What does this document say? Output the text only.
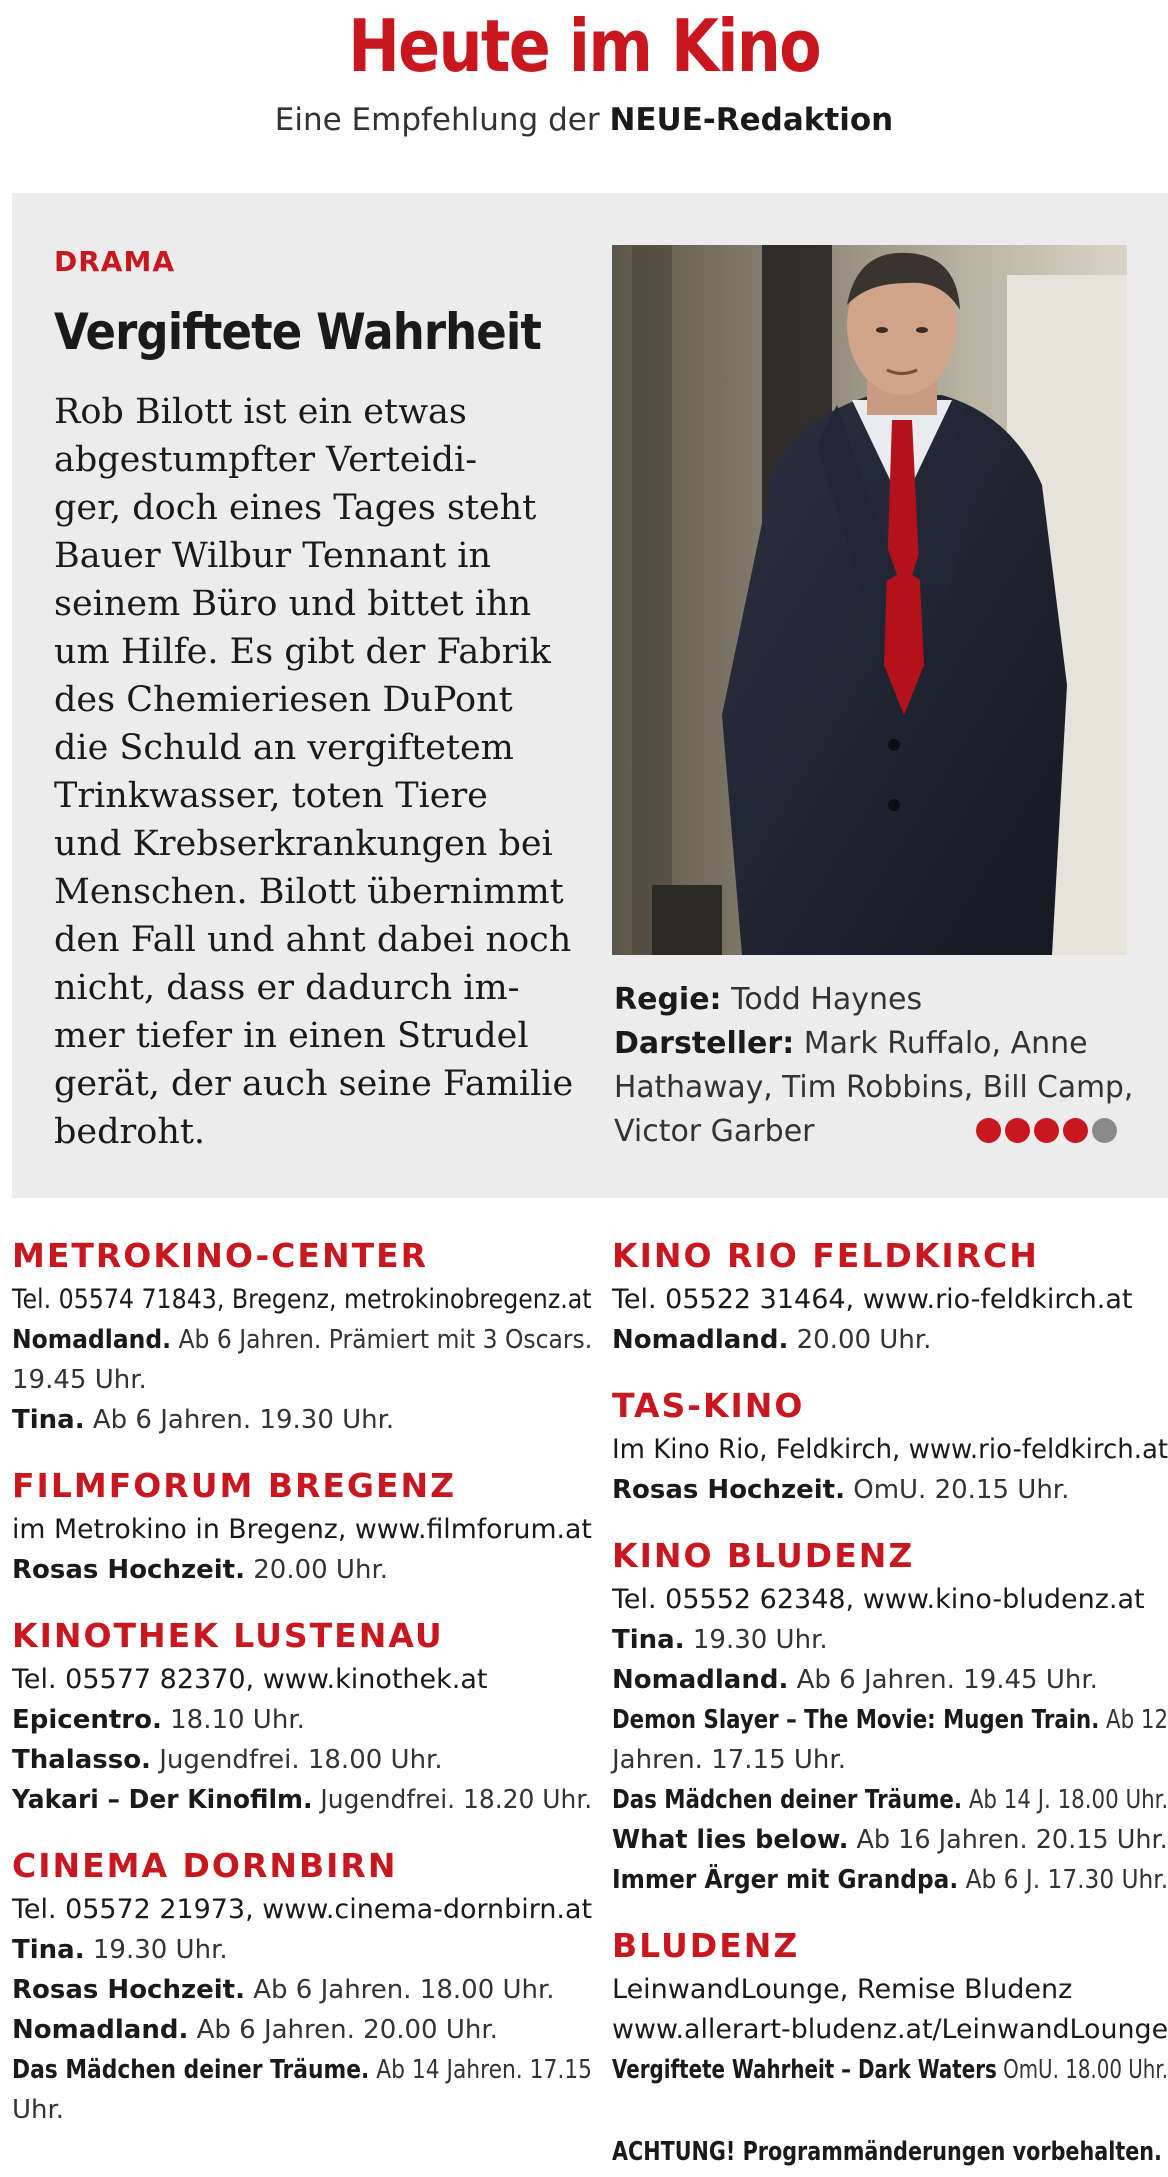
Heute im Kino
Eine Empfehlung der NEUE-Redaktion
DRAMA
Vergiftete Wahrheit

Rob Bilott ist ein etwas
abgestumpfter Verteidi-
ger, doch eines Tages steht
Bauer Wilbur Tennant in
seinem Büro und bittet ihn
um Hilfe. Es gibt der Fabrik
des Chemieriesen DuPont
die Schuld an vergiftetem
Trinkwasser, toten Tiere
und Krebserkrankungen bei
Menschen. Bilott übernimmt
den Fall und ahnt dabei noch
nicht, dass er dadurch im-
mer tiefer in einen Strudel
gerät, der auch seine Familie
bedroht.

Regie: Todd Haynes
Darsteller: Mark Ruffalo, Anne
Hathaway, Tim Robbins, Bill Camp,
Victor Garber
METROKINO-CENTER
Tel. 05574 71843, Bregenz, metrokinobregenz.at
Nomadland. Ab 6 Jahren. Prämiert mit 3 Oscars.
19.45 Uhr.
Tina. Ab 6 Jahren. 19.30 Uhr.
FILMFORUM BREGENZ
im Metrokino in Bregenz, www.filmforum.at
Rosas Hochzeit. 20.00 Uhr.
KINOTHEK LUSTENAU
Tel. 05577 82370, www.kinothek.at
Epicentro. 18.10 Uhr.
Thalasso. Jugendfrei. 18.00 Uhr.
Yakari – Der Kinofilm. Jugendfrei. 18.20 Uhr.
CINEMA DORNBIRN
Tel. 05572 21973, www.cinema-dornbirn.at
Tina. 19.30 Uhr.
Rosas Hochzeit. Ab 6 Jahren. 18.00 Uhr.
Nomadland. Ab 6 Jahren. 20.00 Uhr.
Das Mädchen deiner Träume. Ab 14 Jahren. 17.15
Uhr.
KINO RIO FELDKIRCH
Tel. 05522 31464, www.rio-feldkirch.at
Nomadland. 20.00 Uhr.
TAS-KINO
Im Kino Rio, Feldkirch, www.rio-feldkirch.at
Rosas Hochzeit. OmU. 20.15 Uhr.
KINO BLUDENZ
Tel. 05552 62348, www.kino-bludenz.at
Tina. 19.30 Uhr.
Nomadland. Ab 6 Jahren. 19.45 Uhr.
Demon Slayer – The Movie: Mugen Train. Ab 12
Jahren. 17.15 Uhr.
Das Mädchen deiner Träume. Ab 14 J. 18.00 Uhr.
What lies below. Ab 16 Jahren. 20.15 Uhr.
Immer Ärger mit Grandpa. Ab 6 J. 17.30 Uhr.
BLUDENZ
LeinwandLounge, Remise Bludenz
www.allerart-bludenz.at/LeinwandLounge
Vergiftete Wahrheit – Dark Waters OmU. 18.00 Uhr.
ACHTUNG! Programmänderungen vorbehalten.
